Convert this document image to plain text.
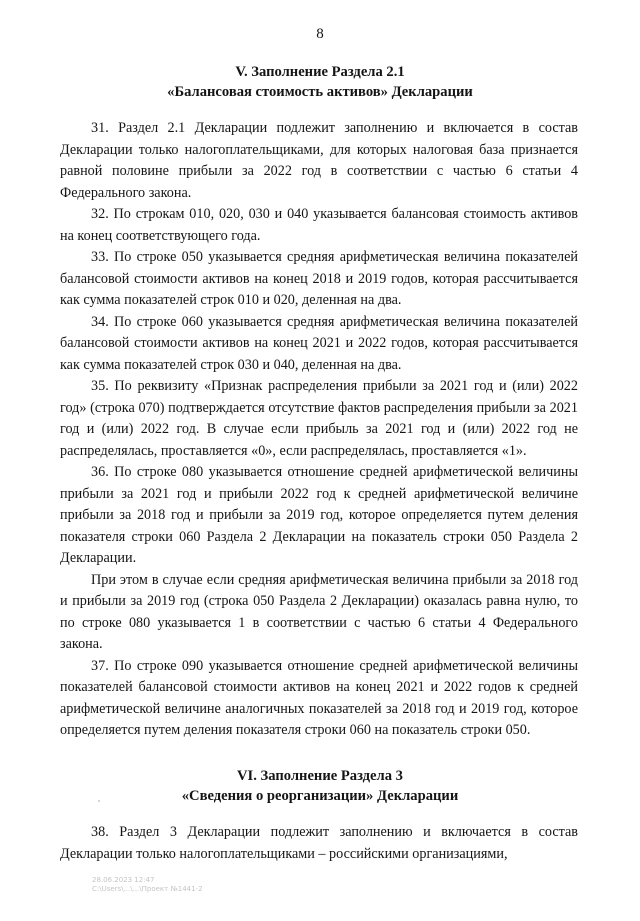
8
V. Заполнение Раздела 2.1
«Балансовая стоимость активов» Декларации

31. Раздел 2.1 Декларации подлежит заполнению и включается в состав Декларации только налогоплательщиками, для которых налоговая база признается равной половине прибыли за 2022 год в соответствии с частью 6 статьи 4 Федерального закона.

32. По строкам 010, 020, 030 и 040 указывается балансовая стоимость активов на конец соответствующего года.

33. По строке 050 указывается средняя арифметическая величина показателей балансовой стоимости активов на конец 2018 и 2019 годов, которая рассчитывается как сумма показателей строк 010 и 020, деленная на два.

34. По строке 060 указывается средняя арифметическая величина показателей балансовой стоимости активов на конец 2021 и 2022 годов, которая рассчитывается как сумма показателей строк 030 и 040, деленная на два.

35. По реквизиту «Признак распределения прибыли за 2021 год и (или) 2022 год» (строка 070) подтверждается отсутствие фактов распределения прибыли за 2021 год и (или) 2022 год. В случае если прибыль за 2021 год и (или) 2022 год не распределялась, проставляется «0», если распределялась, проставляется «1».

36. По строке 080 указывается отношение средней арифметической величины прибыли за 2021 год и прибыли 2022 год к средней арифметической величине прибыли за 2018 год и прибыли за 2019 год, которое определяется путем деления показателя строки 060 Раздела 2 Декларации на показатель строки 050 Раздела 2 Декларации.

При этом в случае если средняя арифметическая величина прибыли за 2018 год и прибыли за 2019 год (строка 050 Раздела 2 Декларации) оказалась равна нулю, то по строке 080 указывается 1 в соответствии с частью 6 статьи 4 Федерального закона.

37. По строке 090 указывается отношение средней арифметической величины показателей балансовой стоимости активов на конец 2021 и 2022 годов к средней арифметической величине аналогичных показателей за 2018 год и 2019 год, которое определяется путем деления показателя строки 060 на показатель строки 050.

VI. Заполнение Раздела 3
«Сведения о реорганизации» Декларации

38. Раздел 3 Декларации подлежит заполнению и включается в состав Декларации только налогоплательщиками – российскими организациями,

28.06.2023 12:47
С:\Users\...\...\Проект №1441-2
